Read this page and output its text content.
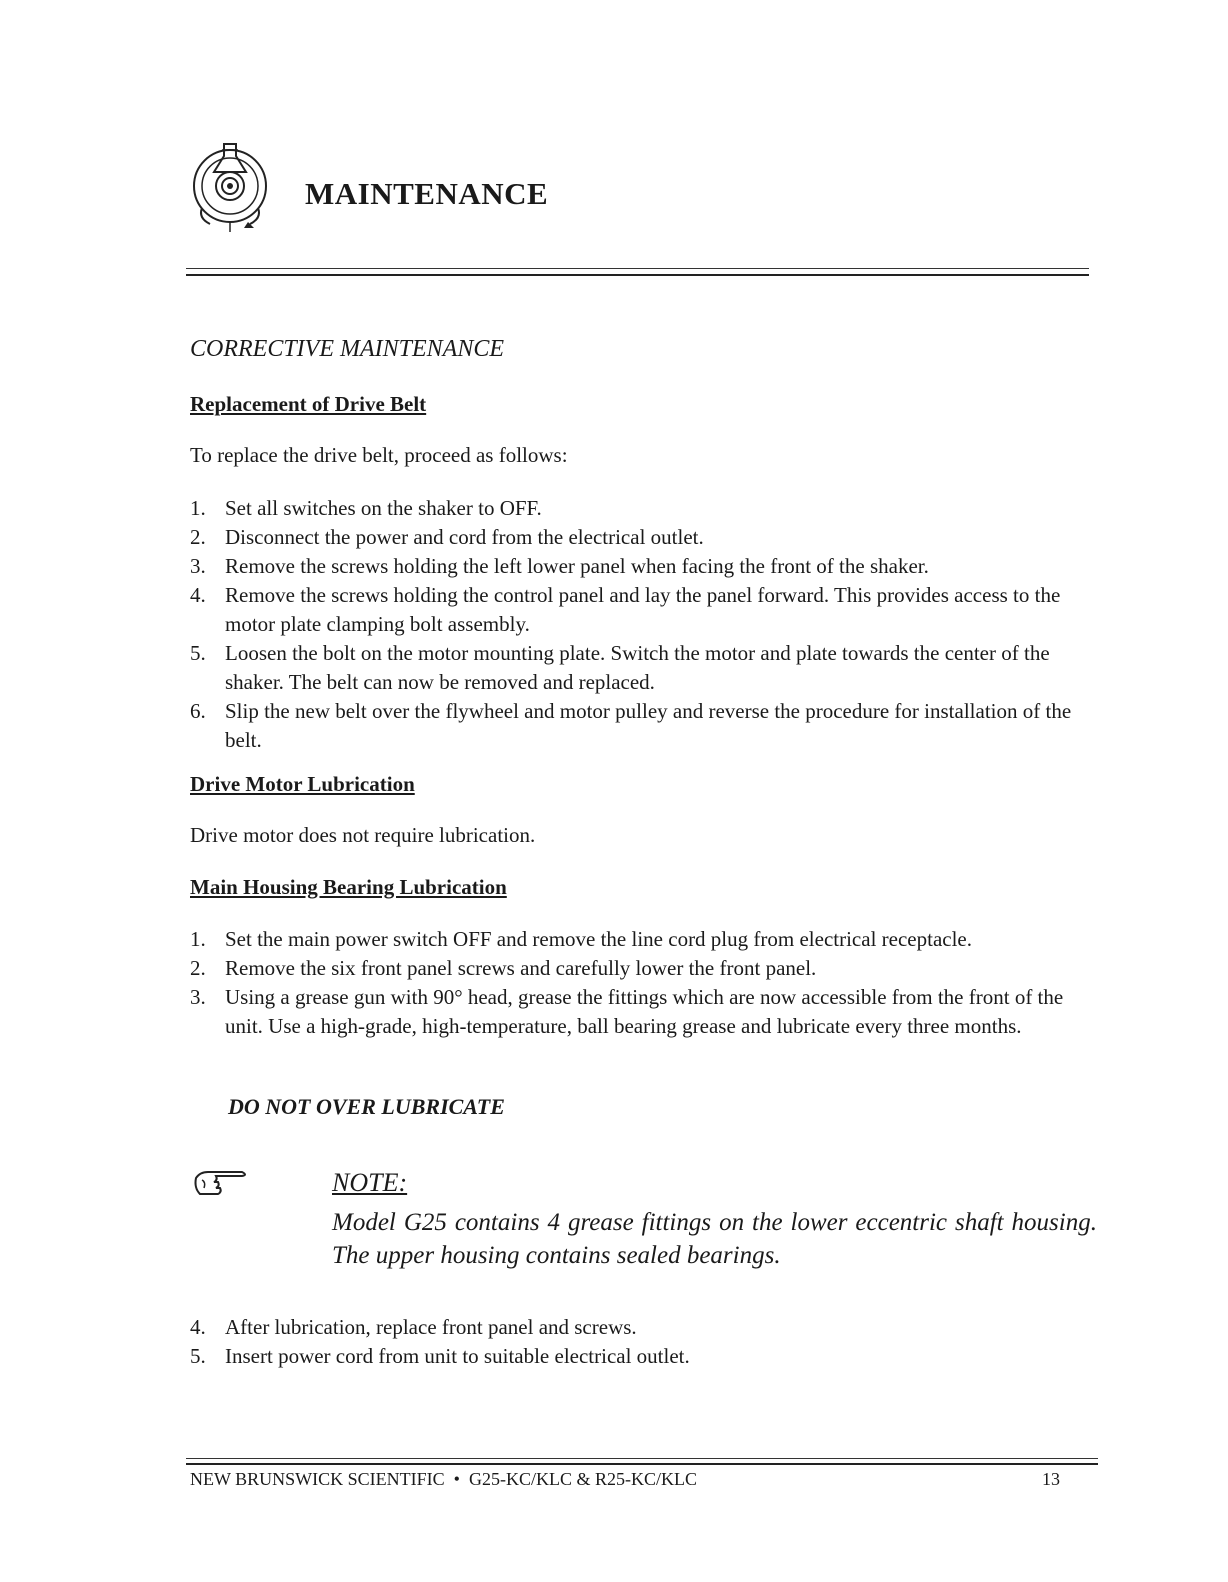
MAINTENANCE
CORRECTIVE MAINTENANCE
Replacement of Drive Belt
To replace the drive belt, proceed as follows:
1. Set all switches on the shaker to OFF.
2. Disconnect the power and cord from the electrical outlet.
3. Remove the screws holding the left lower panel when facing the front of the shaker.
4. Remove the screws holding the control panel and lay the panel forward. This provides access to the motor plate clamping bolt assembly.
5. Loosen the bolt on the motor mounting plate. Switch the motor and plate towards the center of the shaker. The belt can now be removed and replaced.
6. Slip the new belt over the flywheel and motor pulley and reverse the procedure for installation of the belt.
Drive Motor Lubrication
Drive motor does not require lubrication.
Main Housing Bearing Lubrication
1. Set the main power switch OFF and remove the line cord plug from electrical receptacle.
2. Remove the six front panel screws and carefully lower the front panel.
3. Using a grease gun with 90° head, grease the fittings which are now accessible from the front of the unit. Use a high-grade, high-temperature, ball bearing grease and lubricate every three months.
DO NOT OVER LUBRICATE
NOTE:
Model G25 contains 4 grease fittings on the lower eccentric shaft housing. The upper housing contains sealed bearings.
4. After lubrication, replace front panel and screws.
5. Insert power cord from unit to suitable electrical outlet.
NEW BRUNSWICK SCIENTIFIC  •  G25-KC/KLC & R25-KC/KLC	13
